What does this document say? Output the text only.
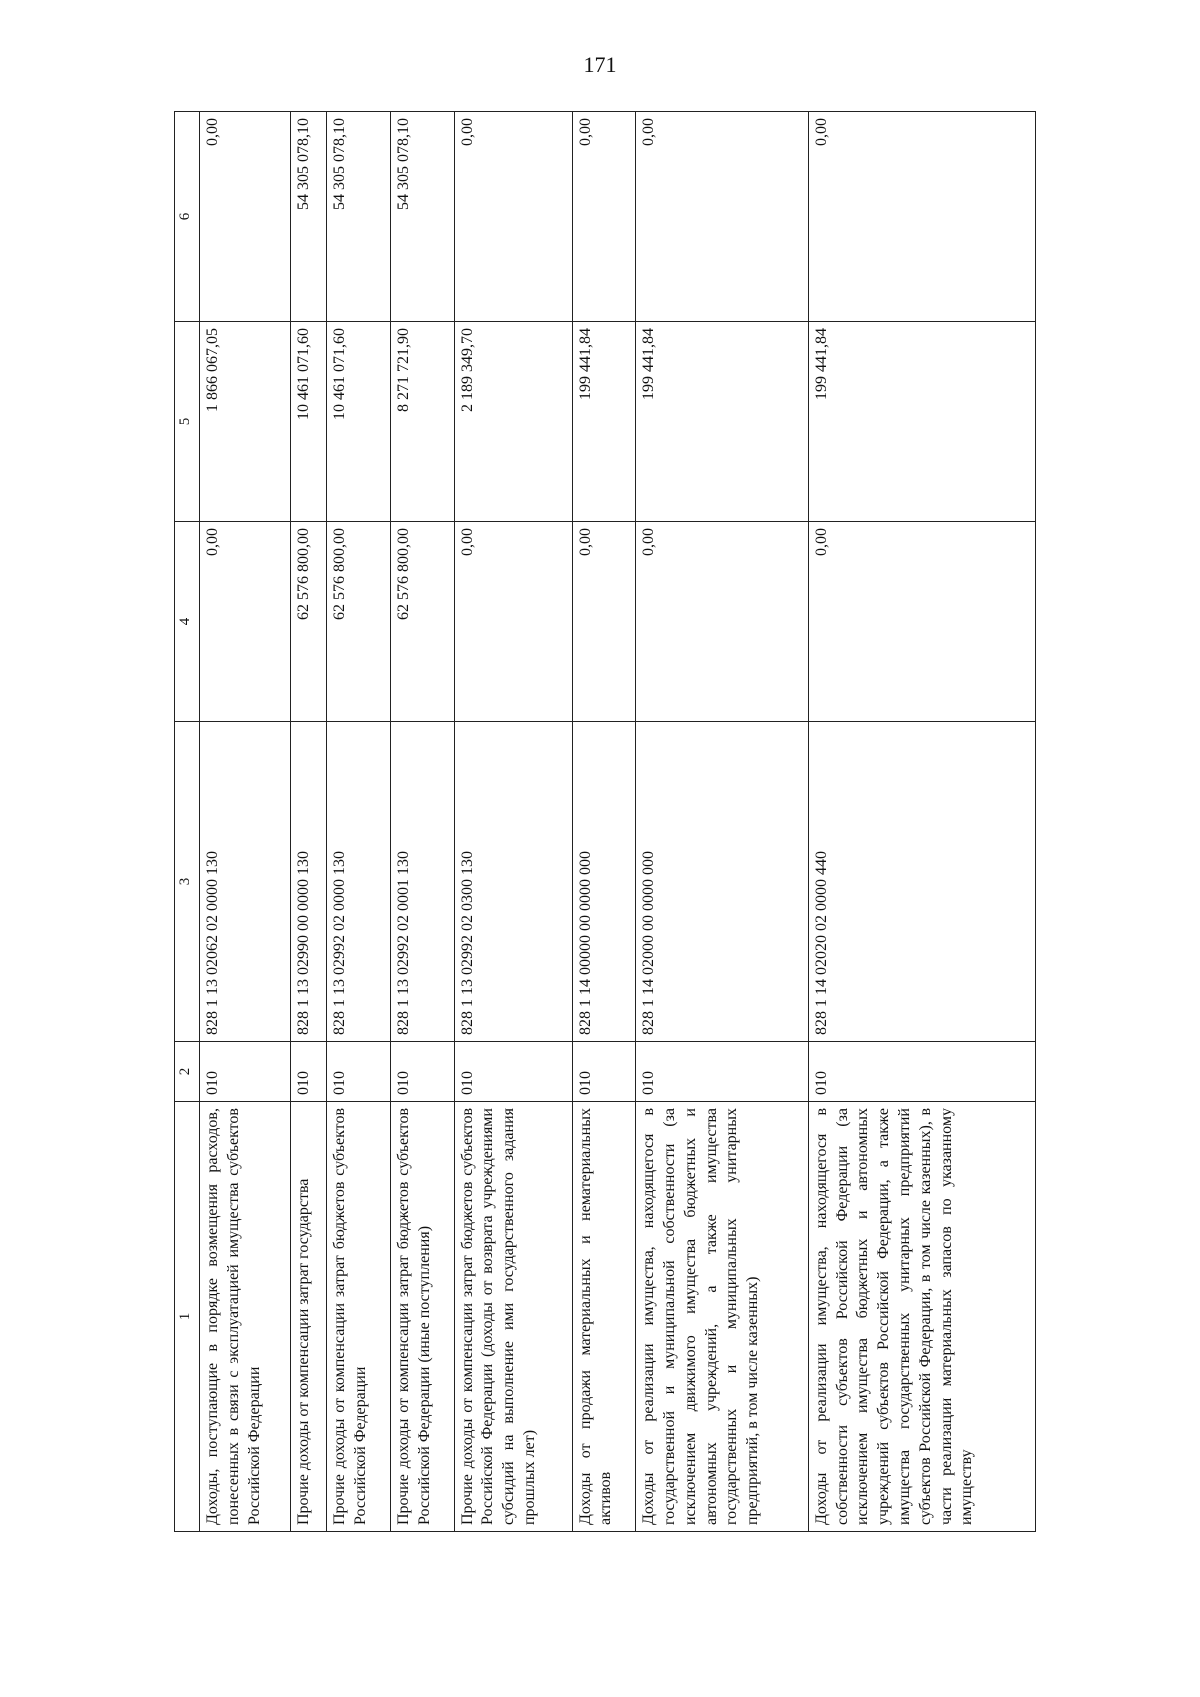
171
1	2	3	4	5	6
Доходы, поступающие в порядке возмещения расходов, понесенных в связи с эксплуатацией имущества субъектов Российской Федерации	010	828 1 13 02062 02 0000 130	0,00	1 866 067,05	0,00
Прочие доходы от компенсации затрат государства	010	828 1 13 02990 00 0000 130	62 576 800,00	10 461 071,60	54 305 078,10
Прочие доходы от компенсации затрат бюджетов субъектов Российской Федерации	010	828 1 13 02992 02 0000 130	62 576 800,00	10 461 071,60	54 305 078,10
Прочие доходы от компенсации затрат бюджетов субъектов Российской Федерации (иные поступления)	010	828 1 13 02992 02 0001 130	62 576 800,00	8 271 721,90	54 305 078,10
Прочие доходы от компенсации затрат бюджетов субъектов Российской Федерации (доходы от возврата учреждениями субсидий на выполнение ими государственного задания прошлых лет)	010	828 1 13 02992 02 0300 130	0,00	2 189 349,70	0,00
Доходы от продажи материальных и нематериальных активов	010	828 1 14 00000 00 0000 000	0,00	199 441,84	0,00
Доходы от реализации имущества, находящегося в государственной и муниципальной собственности (за исключением движимого имущества бюджетных и автономных учреждений, а также имущества государственных и муниципальных унитарных предприятий, в том числе казенных)	010	828 1 14 02000 00 0000 000	0,00	199 441,84	0,00
Доходы от реализации имущества, находящегося в собственности субъектов Российской Федерации (за исключением имущества бюджетных и автономных учреждений субъектов Российской Федерации, а также имущества государственных унитарных предприятий субъектов Российской Федерации, в том числе казенных), в части реализации материальных запасов по указанному имуществу	010	828 1 14 02020 02 0000 440	0,00	199 441,84	0,00
